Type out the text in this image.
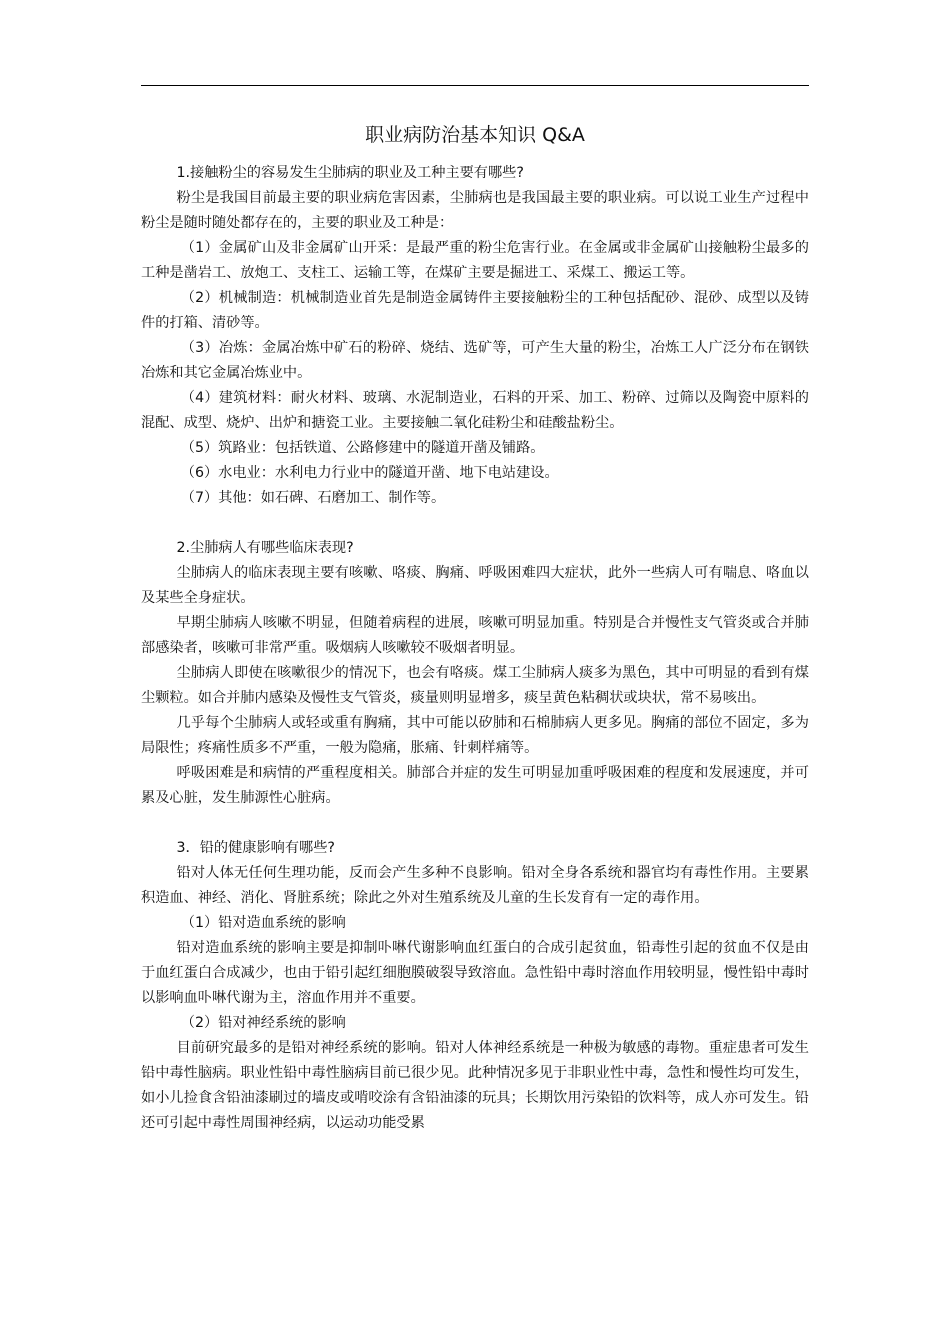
职业病防治基本知识 Q&A

1.接触粉尘的容易发生尘肺病的职业及工种主要有哪些?

粉尘是我国目前最主要的职业病危害因素，尘肺病也是我国最主要的职业病。可以说工业生产过程中粉尘是随时随处都存在的，主要的职业及工种是：

（1）金属矿山及非金属矿山开采：是最严重的粉尘危害行业。在金属或非金属矿山接触粉尘最多的工种是凿岩工、放炮工、支柱工、运输工等，在煤矿主要是掘进工、采煤工、搬运工等。

（2）机械制造：机械制造业首先是制造金属铸件主要接触粉尘的工种包括配砂、混砂、成型以及铸件的打箱、清砂等。

（3）冶炼：金属冶炼中矿石的粉碎、烧结、选矿等，可产生大量的粉尘，冶炼工人广泛分布在钢铁冶炼和其它金属冶炼业中。

（4）建筑材料：耐火材料、玻璃、水泥制造业，石料的开采、加工、粉碎、过筛以及陶瓷中原料的混配、成型、烧炉、出炉和搪瓷工业。主要接触二氧化硅粉尘和硅酸盐粉尘。

（5）筑路业：包括铁道、公路修建中的隧道开凿及铺路。

（6）水电业：水利电力行业中的隧道开凿、地下电站建设。

（7）其他：如石碑、石磨加工、制作等。

2.尘肺病人有哪些临床表现?

尘肺病人的临床表现主要有咳嗽、咯痰、胸痛、呼吸困难四大症状，此外一些病人可有喘息、咯血以及某些全身症状。

早期尘肺病人咳嗽不明显，但随着病程的进展，咳嗽可明显加重。特别是合并慢性支气管炎或合并肺部感染者，咳嗽可非常严重。吸烟病人咳嗽较不吸烟者明显。

尘肺病人即使在咳嗽很少的情况下，也会有咯痰。煤工尘肺病人痰多为黑色，其中可明显的看到有煤尘颗粒。如合并肺内感染及慢性支气管炎，痰量则明显增多，痰呈黄色粘稠状或块状，常不易咳出。

几乎每个尘肺病人或轻或重有胸痛，其中可能以矽肺和石棉肺病人更多见。胸痛的部位不固定，多为局限性；疼痛性质多不严重，一般为隐痛，胀痛、针刺样痛等。

呼吸困难是和病情的严重程度相关。肺部合并症的发生可明显加重呼吸困难的程度和发展速度，并可累及心脏，发生肺源性心脏病。

3．铅的健康影响有哪些?

铅对人体无任何生理功能，反而会产生多种不良影响。铅对全身各系统和器官均有毒性作用。主要累积造血、神经、消化、肾脏系统；除此之外对生殖系统及儿童的生长发育有一定的毒作用。

（1）铅对造血系统的影响

铅对造血系统的影响主要是抑制卟啉代谢影响血红蛋白的合成引起贫血，铅毒性引起的贫血不仅是由于血红蛋白合成减少，也由于铅引起红细胞膜破裂导致溶血。急性铅中毒时溶血作用较明显，慢性铅中毒时以影响血卟啉代谢为主，溶血作用并不重要。

（2）铅对神经系统的影响

目前研究最多的是铅对神经系统的影响。铅对人体神经系统是一种极为敏感的毒物。重症患者可发生铅中毒性脑病。职业性铅中毒性脑病目前已很少见。此种情况多见于非职业性中毒，急性和慢性均可发生，如小儿捡食含铅油漆刷过的墙皮或啃咬涂有含铅油漆的玩具；长期饮用污染铅的饮料等，成人亦可发生。铅还可引起中毒性周围神经病，以运动功能受累
